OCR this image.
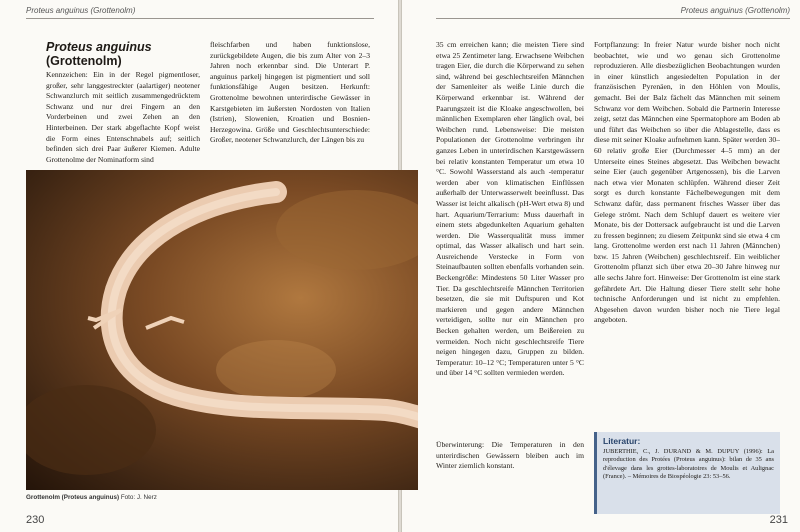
Proteus anguinus (Grottenolm)
Proteus anguinus
(Grottenolm)

Kennzeichen: Ein in der Regel pigmentloser, großer, sehr langgestreckter (aalartiger) neotener Schwanzlurch mit seitlich zusammengedrücktem Schwanz und nur drei Fingern an den Vorderbeinen und zwei Zehen an den Hinterbeinen. Der stark abgeflachte Kopf weist die Form eines Entenschnabels auf; seitlich befinden sich drei Paar äußerer Kiemen. Adulte Grottenolme der Nominatform sind

fleischfarben und haben funktionslose, zurückgebildete Augen, die bis zum Alter von 2–3 Jahren noch erkennbar sind. Die Unterart P. anguinus parkelj hingegen ist pigmentiert und soll funktionsfähige Augen besitzen. Herkunft: Grottenolme bewohnen unterirdische Gewässer in Karstgebieten im äußersten Nordosten von Italien (Istrien), Slowenien, Kroatien und Bosnien-Herzegowina. Größe und Geschlechtsunterschiede: Großer, neotener Schwanzlurch, der Längen bis zu

Grottenolm (Proteus anguinus) Foto: J. Nerz
230
Proteus anguinus (Grottenolm)

35 cm erreichen kann; die meisten Tiere sind etwa 25 Zentimeter lang. Erwachsene Weibchen tragen Eier, die durch die Körperwand zu sehen sind, während bei geschlechtsreifen Männchen der Samenleiter als weiße Linie durch die Körperwand erkennbar ist. Während der Paarungszeit ist die Kloake angeschwollen, bei männlichen Exemplaren eher länglich oval, bei Weibchen rund. Lebensweise: Die meisten Populationen der Grottenolme verbringen ihr ganzes Leben in unterirdischen Karstgewässern bei relativ konstanten Temperatur um etwa 10 °C. Sowohl Wasserstand als auch -temperatur werden aber von klimatischen Einflüssen außerhalb der Unterwasserwelt beeinflusst. Das Wasser ist leicht alkalisch (pH-Wert etwa 8) und hart. Aquarium/Terrarium: Muss dauerhaft in einem stets abgedunkelten Aquarium gehalten werden. Die Wasserqualität muss immer optimal, das Wasser alkalisch und hart sein. Ausreichende Verstecke in Form von Steinaufbauten sollten ebenfalls vorhanden sein. Beckengröße: Mindestens 50 Liter Wasser pro Tier. Da geschlechtsreife Männchen Territorien besetzen, die sie mit Duftspuren und Kot markieren und gegen andere Männchen verteidigen, sollte nur ein Männchen pro Becken gehalten werden, um Beißereien zu vermeiden. Noch nicht geschlechtsreife Tiere neigen hingegen dazu, Gruppen zu bilden. Temperatur: 10–12 °C; Temperaturen unter 5 °C und über 14 °C sollten vermieden werden.

Überwinterung: Die Temperaturen in den unterirdischen Gewässern bleiben auch im Winter ziemlich konstant.

Fortpflanzung: In freier Natur wurde bisher noch nicht beobachtet, wie und wo genau sich Grottenolme reproduzieren. Alle diesbezüglichen Beobachtungen wurden in einer künstlich angesiedelten Population in der französischen Pyrenäen, in den Höhlen von Moulis, gemacht. Bei der Balz fächelt das Männchen mit seinem Schwanz vor dem Weibchen. Sobald die Partnerin Interesse zeigt, setzt das Männchen eine Spermatophore am Boden ab und führt das Weibchen so über die Ablagestelle, dass es diese mit seiner Kloake aufnehmen kann. Später werden 30–60 relativ große Eier (Durchmesser 4–5 mm) an der Unterseite eines Steines abgesetzt. Das Weibchen bewacht seine Eier (auch gegenüber Artgenossen), bis die Larven nach etwa vier Monaten schlüpfen. Während dieser Zeit sorgt es durch konstante Fächelbewegungen mit dem Schwanz dafür, dass permanent frisches Wasser über das Gelege strömt. Nach dem Schlupf dauert es weitere vier Monate, bis der Dottersack aufgebraucht ist und die Larven zu fressen beginnen; zu diesem Zeitpunkt sind sie etwa 4 cm lang. Grottenolme werden erst nach 11 Jahren (Männchen) bzw. 15 Jahren (Weibchen) geschlechtsreif. Ein weiblicher Grottenolm pflanzt sich über etwa 20–30 Jahre hinweg nur alle sechs Jahre fort. Hinweise: Der Grottenolm ist eine stark gefährdete Art. Die Haltung dieser Tiere stellt sehr hohe technische Anforderungen und ist nicht zu empfehlen. Abgesehen davon wurden bisher noch nie Tiere legal angeboten.

Literatur:

JUBERTHIE, C., J. DURAND & M. DUPUY (1996): La reproduction des Protées (Proteus anguinus): bilan de 35 ans d'élevage dans les grottes-laboratoires de Moulis et Aulignac (France). – Mémoires de Biospéologie 23: 53–56.

231
